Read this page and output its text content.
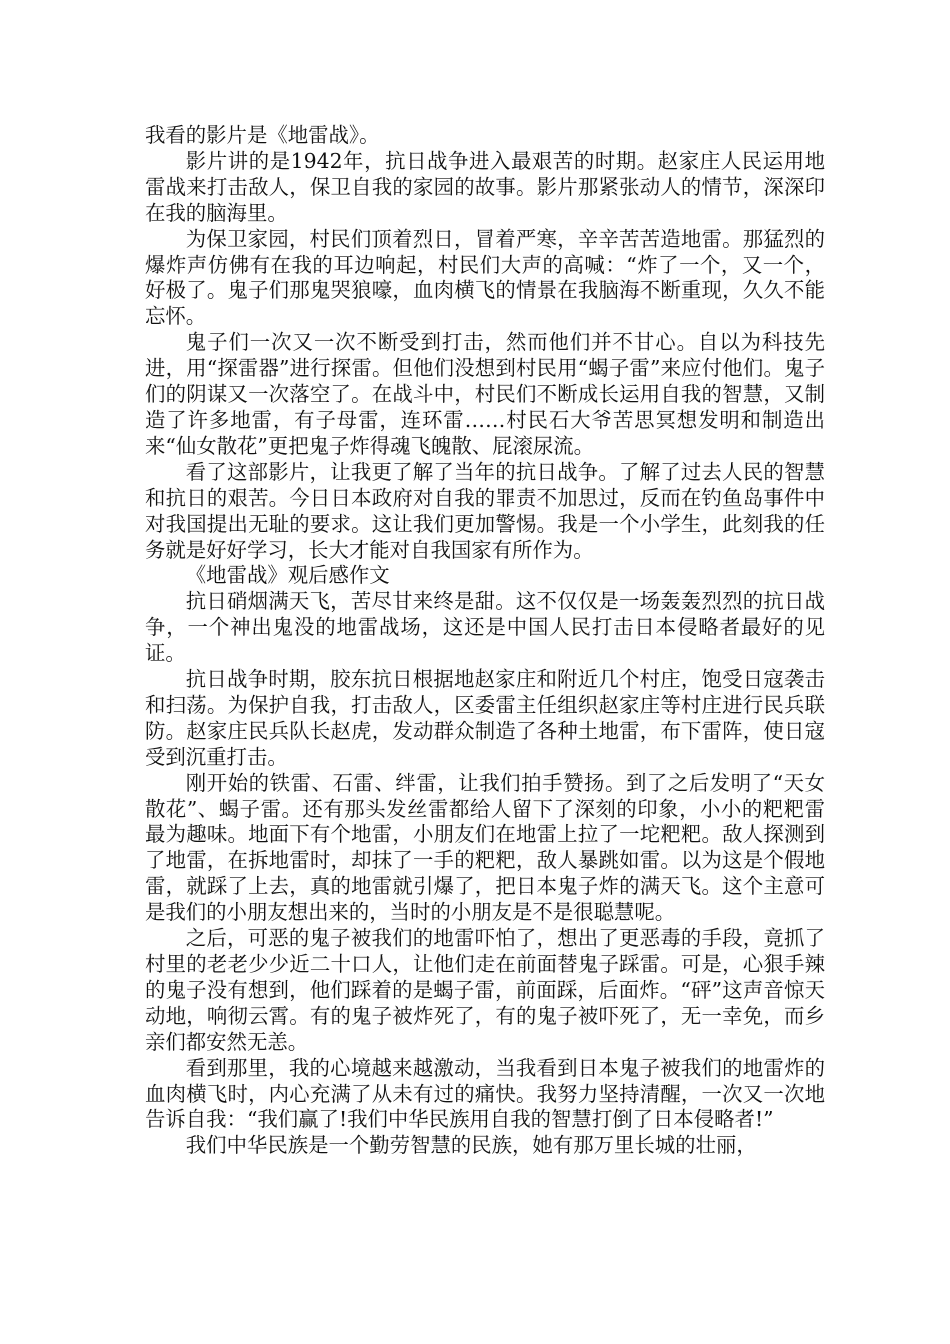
我看的影片是《地雷战》。

影片讲的是1942年，抗日战争进入最艰苦的时期。赵家庄人民运用地雷战来打击敌人，保卫自我的家园的故事。影片那紧张动人的情节，深深印在我的脑海里。

为保卫家园，村民们顶着烈日，冒着严寒，辛辛苦苦造地雷。那猛烈的爆炸声仿佛有在我的耳边响起，村民们大声的高喊：“炸了一个，又一个，好极了。鬼子们那鬼哭狼嚎，血肉横飞的情景在我脑海不断重现，久久不能忘怀。

鬼子们一次又一次不断受到打击，然而他们并不甘心。自以为科技先进，用“探雷器”进行探雷。但他们没想到村民用“蝎子雷”来应付他们。鬼子们的阴谋又一次落空了。在战斗中，村民们不断成长运用自我的智慧，又制造了许多地雷，有子母雷，连环雷……村民石大爷苦思冥想发明和制造出来“仙女散花”更把鬼子炸得魂飞魄散、屁滚尿流。

看了这部影片，让我更了解了当年的抗日战争。了解了过去人民的智慧和抗日的艰苦。今日日本政府对自我的罪责不加思过，反而在钓鱼岛事件中对我国提出无耻的要求。这让我们更加警惕。我是一个小学生，此刻我的任务就是好好学习，长大才能对自我国家有所作为。

《地雷战》观后感作文

抗日硝烟满天飞，苦尽甘来终是甜。这不仅仅是一场轰轰烈烈的抗日战争，一个神出鬼没的地雷战场，这还是中国人民打击日本侵略者最好的见证。

抗日战争时期，胶东抗日根据地赵家庄和附近几个村庄，饱受日寇袭击和扫荡。为保护自我，打击敌人，区委雷主任组织赵家庄等村庄进行民兵联防。赵家庄民兵队长赵虎，发动群众制造了各种土地雷，布下雷阵，使日寇受到沉重打击。

刚开始的铁雷、石雷、绊雷，让我们拍手赞扬。到了之后发明了“天女散花”、蝎子雷。还有那头发丝雷都给人留下了深刻的印象，小小的粑粑雷最为趣味。地面下有个地雷，小朋友们在地雷上拉了一坨粑粑。敌人探测到了地雷，在拆地雷时，却抹了一手的粑粑，敌人暴跳如雷。以为这是个假地雷，就踩了上去，真的地雷就引爆了，把日本鬼子炸的满天飞。这个主意可是我们的小朋友想出来的，当时的小朋友是不是很聪慧呢。

之后，可恶的鬼子被我们的地雷吓怕了，想出了更恶毒的手段，竟抓了村里的老老少少近二十口人，让他们走在前面替鬼子踩雷。可是，心狠手辣的鬼子没有想到，他们踩着的是蝎子雷，前面踩，后面炸。“砰”这声音惊天动地，响彻云霄。有的鬼子被炸死了，有的鬼子被吓死了，无一幸免，而乡亲们都安然无恙。

看到那里，我的心境越来越激动，当我看到日本鬼子被我们的地雷炸的血肉横飞时，内心充满了从未有过的痛快。我努力坚持清醒，一次又一次地告诉自我：“我们赢了!我们中华民族用自我的智慧打倒了日本侵略者!”

我们中华民族是一个勤劳智慧的民族，她有那万里长城的壮丽，
